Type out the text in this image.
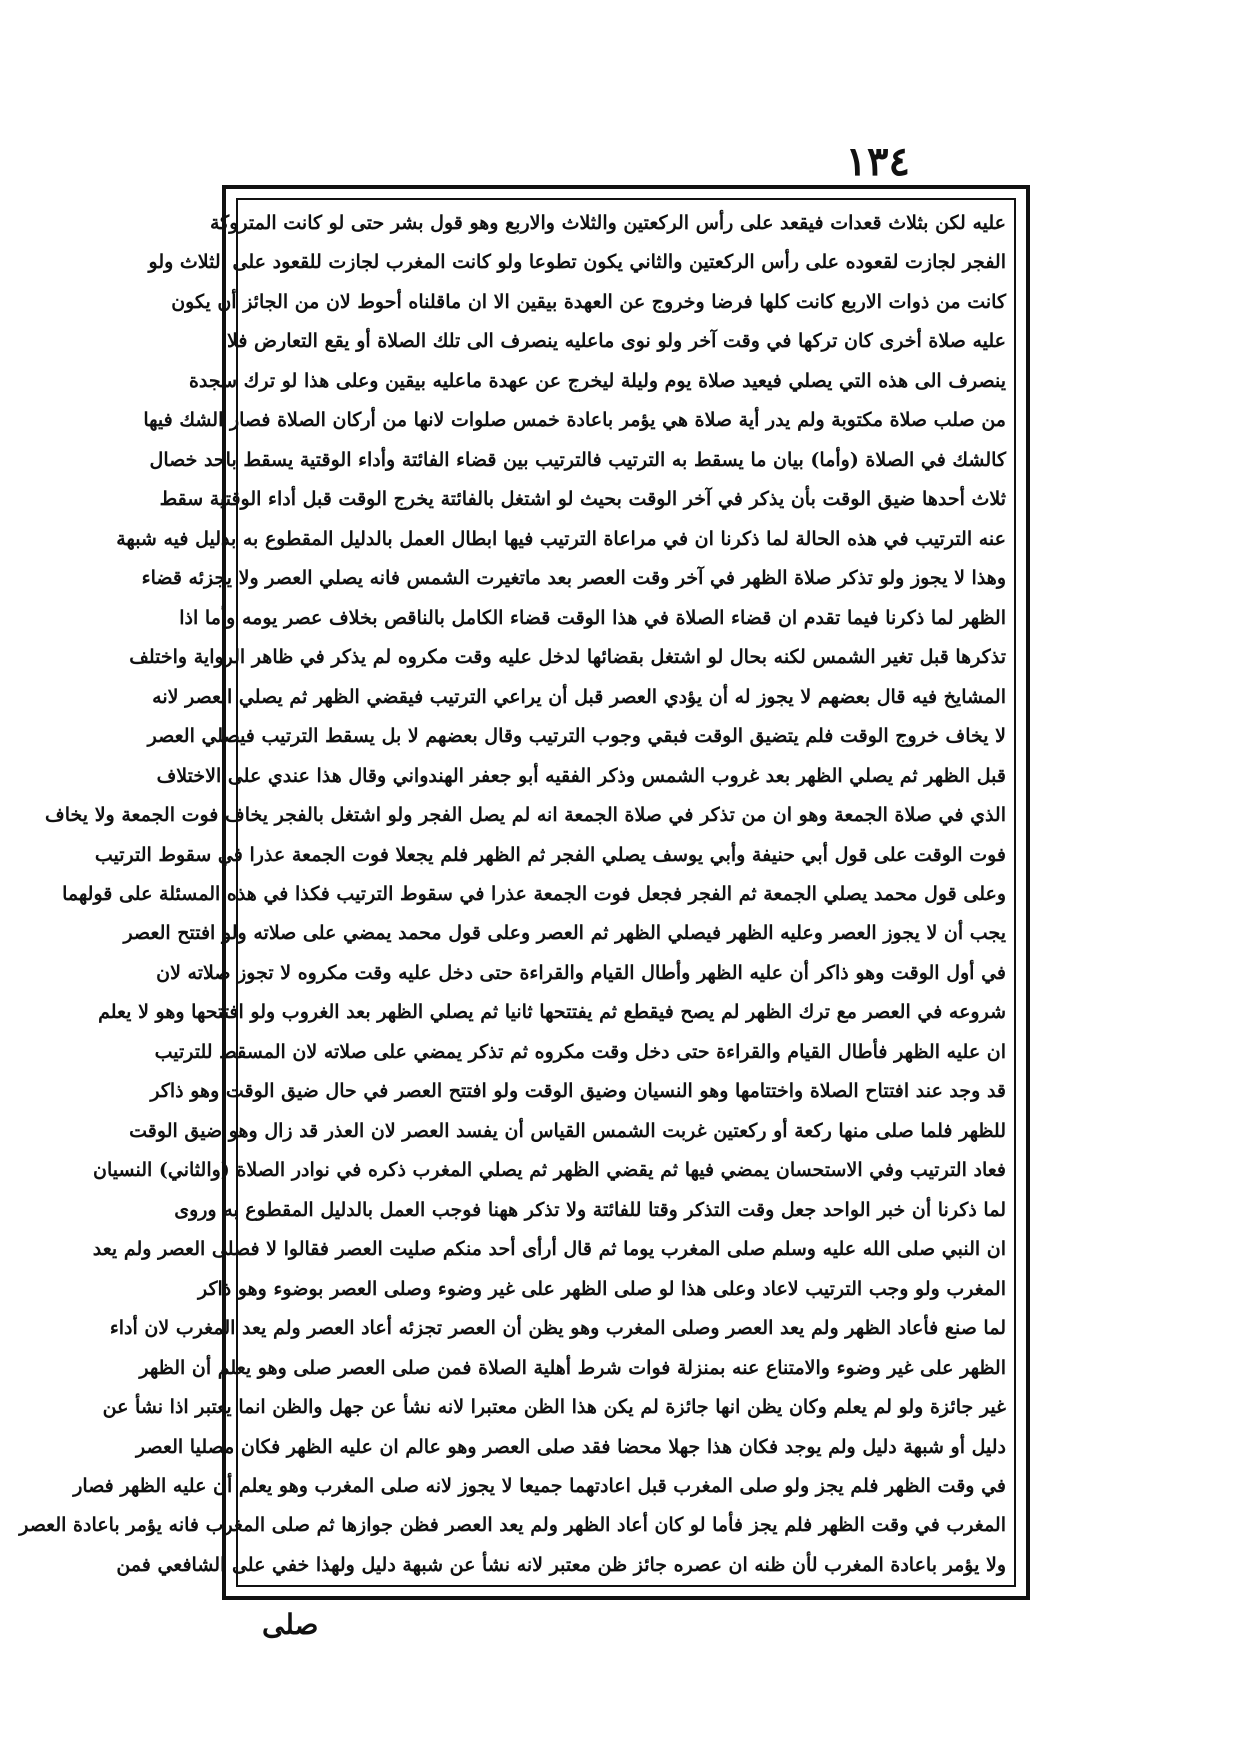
١٣٤
عليه لكن بثلاث قعدات فيقعد على رأس الركعتين والثلاث والاربع وهو قول بشر حتى لو كانت المتروكة
الفجر لجازت لقعوده على رأس الركعتين والثاني يكون تطوعا ولو كانت المغرب لجازت للقعود على الثلاث ولو
كانت من ذوات الاربع كانت كلها فرضا وخروج عن العهدة بيقين الا ان ماقلناه أحوط لان من الجائز أن يكون
عليه صلاة أخرى كان تركها في وقت آخر ولو نوى ماعليه ينصرف الى تلك الصلاة أو يقع التعارض فلا
ينصرف الى هذه التي يصلي فيعيد صلاة يوم وليلة ليخرج عن عهدة ماعليه بيقين وعلى هذا لو ترك سجدة
من صلب صلاة مكتوبة ولم يدر أية صلاة هي يؤمر باعادة خمس صلوات لانها من أركان الصلاة فصار الشك فيها
كالشك في الصلاة (وأما) بيان ما يسقط به الترتيب فالترتيب بين قضاء الفائتة وأداء الوقتية يسقط باحد خصال
ثلاث أحدها ضيق الوقت بأن يذكر في آخر الوقت بحيث لو اشتغل بالفائتة يخرج الوقت قبل أداء الوقتية سقط
عنه الترتيب في هذه الحالة لما ذكرنا ان في مراعاة الترتيب فيها ابطال العمل بالدليل المقطوع به بدليل فيه شبهة
وهذا لا يجوز ولو تذكر صلاة الظهر في آخر وقت العصر بعد ماتغيرت الشمس فانه يصلي العصر ولا يجزئه قضاء
الظهر لما ذكرنا فيما تقدم ان قضاء الصلاة في هذا الوقت قضاء الكامل بالناقص بخلاف عصر يومه وأما اذا
تذكرها قبل تغير الشمس لكنه بحال لو اشتغل بقضائها لدخل عليه وقت مكروه لم يذكر في ظاهر الرواية واختلف
المشايخ فيه قال بعضهم لا يجوز له أن يؤدي العصر قبل أن يراعي الترتيب فيقضي الظهر ثم يصلي العصر لانه
لا يخاف خروج الوقت فلم يتضيق الوقت فبقي وجوب الترتيب وقال بعضهم لا بل يسقط الترتيب فيصلي العصر
قبل الظهر ثم يصلي الظهر بعد غروب الشمس وذكر الفقيه أبو جعفر الهندواني وقال هذا عندي على الاختلاف
الذي في صلاة الجمعة وهو ان من تذكر في صلاة الجمعة انه لم يصل الفجر ولو اشتغل بالفجر يخاف فوت الجمعة ولا يخاف
فوت الوقت على قول أبي حنيفة وأبي يوسف يصلي الفجر ثم الظهر فلم يجعلا فوت الجمعة عذرا في سقوط الترتيب
وعلى قول محمد يصلي الجمعة ثم الفجر فجعل فوت الجمعة عذرا في سقوط الترتيب فكذا في هذه المسئلة على قولهما
يجب أن لا يجوز العصر وعليه الظهر فيصلي الظهر ثم العصر وعلى قول محمد يمضي على صلاته ولو افتتح العصر
في أول الوقت وهو ذاكر أن عليه الظهر وأطال القيام والقراءة حتى دخل عليه وقت مكروه لا تجوز صلاته لان
شروعه في العصر مع ترك الظهر لم يصح فيقطع ثم يفتتحها ثانيا ثم يصلي الظهر بعد الغروب ولو افتتحها وهو لا يعلم
ان عليه الظهر فأطال القيام والقراءة حتى دخل وقت مكروه ثم تذكر يمضي على صلاته لان المسقط للترتيب
قد وجد عند افتتاح الصلاة واختتامها وهو النسيان وضيق الوقت ولو افتتح العصر في حال ضيق الوقت وهو ذاكر
للظهر فلما صلى منها ركعة أو ركعتين غربت الشمس القياس أن يفسد العصر لان العذر قد زال وهو ضيق الوقت
فعاد الترتيب وفي الاستحسان يمضي فيها ثم يقضي الظهر ثم يصلي المغرب ذكره في نوادر الصلاة (والثاني) النسيان
لما ذكرنا أن خبر الواحد جعل وقت التذكر وقتا للفائتة ولا تذكر ههنا فوجب العمل بالدليل المقطوع به وروى
ان النبي صلى الله عليه وسلم صلى المغرب يوما ثم قال أرأى أحد منكم صليت العصر فقالوا لا فصلى العصر ولم يعد
المغرب ولو وجب الترتيب لاعاد وعلى هذا لو صلى الظهر على غير وضوء وصلى العصر بوضوء وهو ذاكر
لما صنع فأعاد الظهر ولم يعد العصر وصلى المغرب وهو يظن أن العصر تجزئه أعاد العصر ولم يعد المغرب لان أداء
الظهر على غير وضوء والامتناع عنه بمنزلة فوات شرط أهلية الصلاة فمن صلى العصر صلى وهو يعلم أن الظهر
غير جائزة ولو لم يعلم وكان يظن انها جائزة لم يكن هذا الظن معتبرا لانه نشأ عن جهل والظن انما يعتبر اذا نشأ عن
دليل أو شبهة دليل ولم يوجد فكان هذا جهلا محضا فقد صلى العصر وهو عالم ان عليه الظهر فكان مصليا العصر
في وقت الظهر فلم يجز ولو صلى المغرب قبل اعادتهما جميعا لا يجوز لانه صلى المغرب وهو يعلم أن عليه الظهر فصار
المغرب في وقت الظهر فلم يجز فأما لو كان أعاد الظهر ولم يعد العصر فظن جوازها ثم صلى المغرب فانه يؤمر باعادة العصر
ولا يؤمر باعادة المغرب لأن ظنه ان عصره جائز ظن معتبر لانه نشأ عن شبهة دليل ولهذا خفي على الشافعي فمن
صلى
